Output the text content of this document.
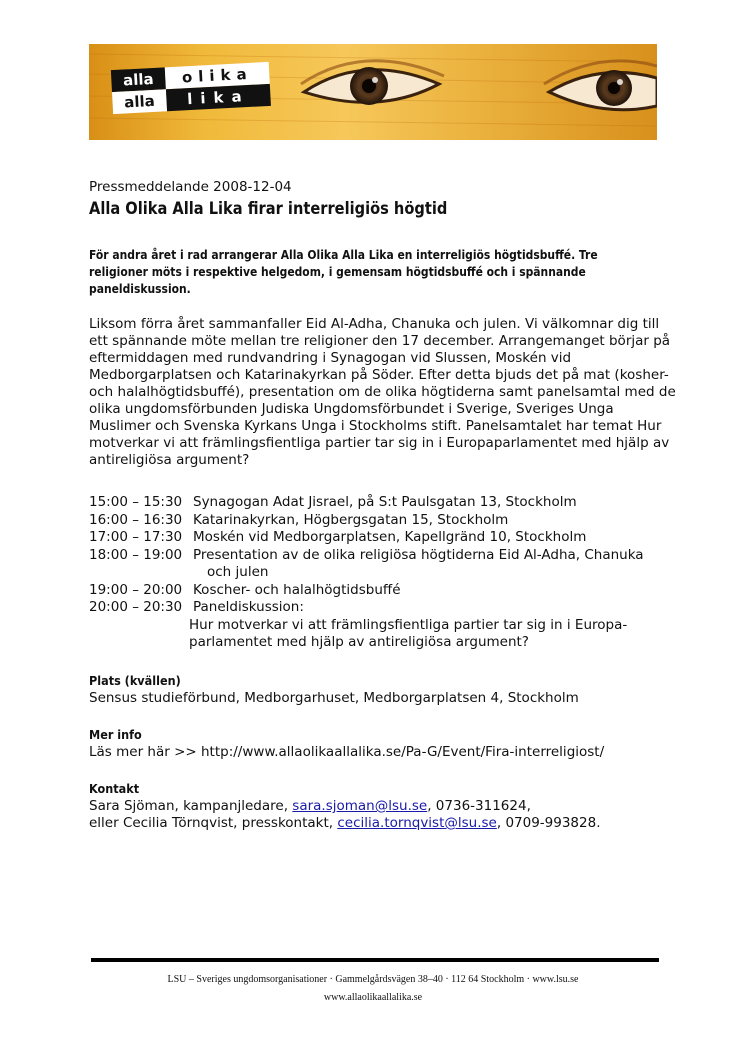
alla	olika
alla	lika
Pressmeddelande 2008-12-04
Alla Olika Alla Lika firar interreligiös högtid
För andra året i rad arrangerar Alla Olika Alla Lika en interreligiös högtidsbuffé. Tre
religioner möts i respektive helgedom, i gemensam högtidsbuffé och i spännande
paneldiskussion.
Liksom förra året sammanfaller Eid Al-Adha, Chanuka och julen. Vi välkomnar dig till
ett spännande möte mellan tre religioner den 17 december. Arrangemanget börjar på
eftermiddagen med rundvandring i Synagogan vid Slussen, Moskén vid
Medborgarplatsen och Katarinakyrkan på Söder. Efter detta bjuds det på mat (kosher-
och halalhögtidsbuffé), presentation om de olika högtiderna samt panelsamtal med de
olika ungdomsförbunden Judiska Ungdomsförbundet i Sverige, Sveriges Unga
Muslimer och Svenska Kyrkans Unga i Stockholms stift. Panelsamtalet har temat Hur
motverkar vi att främlingsfientliga partier tar sig in i Europaparlamentet med hjälp av
antireligiösa argument?
15:00 – 15:30 Synagogan Adat Jisrael, på S:t Paulsgatan 13, Stockholm
16:00 – 16:30 Katarinakyrkan, Högbergsgatan 15, Stockholm
17:00 – 17:30 Moskén vid Medborgarplatsen, Kapellgränd 10, Stockholm
18:00 – 19:00 Presentation av de olika religiösa högtiderna Eid Al-Adha, Chanuka
och julen
19:00 – 20:00 Koscher- och halalhögtidsbuffé
20:00 – 20:30 Paneldiskussion:
Hur motverkar vi att främlingsfientliga partier tar sig in i Europa-
parlamentet med hjälp av antireligiösa argument?
Plats (kvällen)
Sensus studieförbund, Medborgarhuset, Medborgarplatsen 4, Stockholm
Mer info
Läs mer här >> http://www.allaolikaallalika.se/Pa-G/Event/Fira-interreligiost/
Kontakt
Sara Sjöman, kampanjledare, sara.sjoman@lsu.se, 0736-311624,
eller Cecilia Törnqvist, presskontakt, cecilia.tornqvist@lsu.se, 0709-993828.
LSU – Sveriges ungdomsorganisationer · Gammelgårdsvägen 38–40 · 112 64 Stockholm · www.lsu.se
www.allaolikaallalika.se
